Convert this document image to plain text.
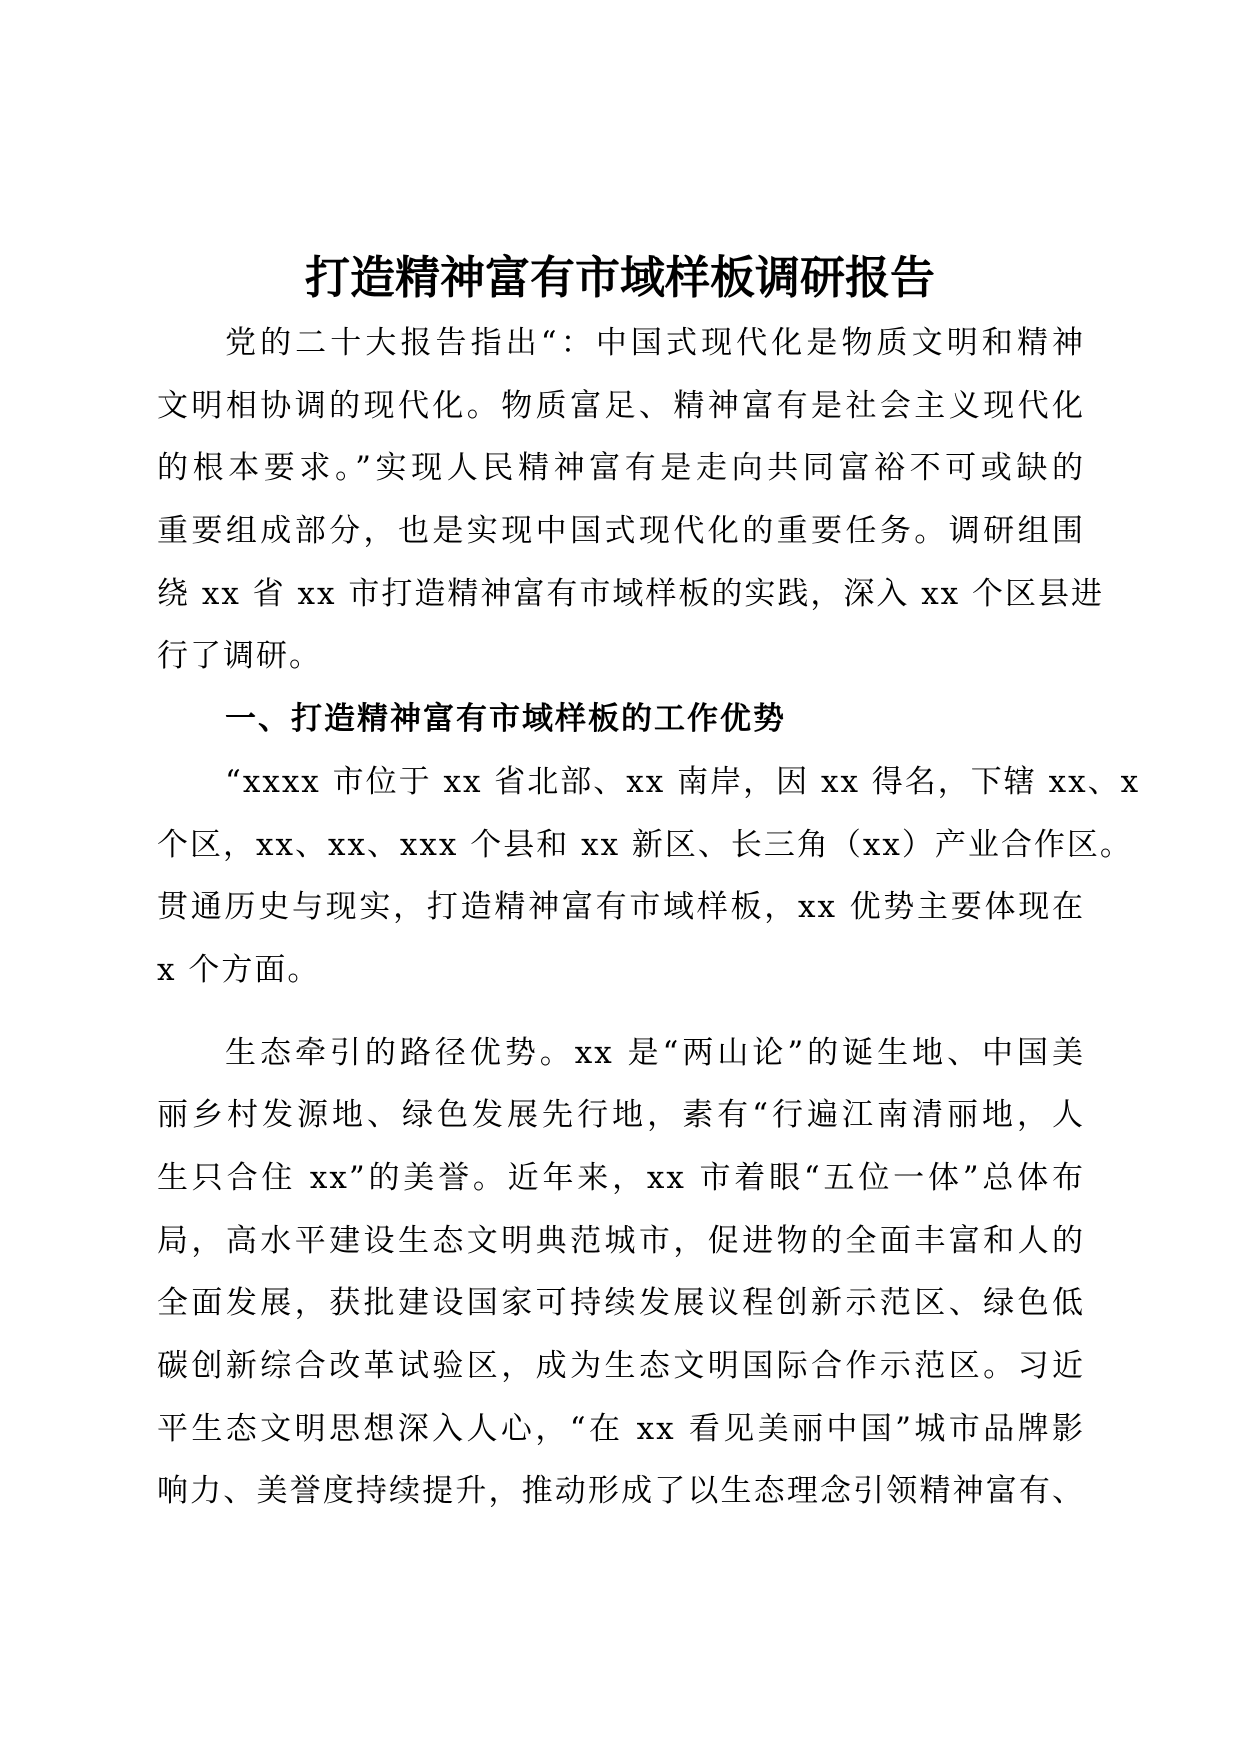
打造精神富有市域样板调研报告
党的二十大报告指出“：中国式现代化是物质文明和精神
文明相协调的现代化。物质富足、精神富有是社会主义现代化
的根本要求。”实现人民精神富有是走向共同富裕不可或缺的
重要组成部分，也是实现中国式现代化的重要任务。调研组围
绕 xx 省 xx 市打造精神富有市域样板的实践，深入 xx 个区县进
行了调研。
一、打造精神富有市域样板的工作优势
“xxxx 市位于 xx 省北部、xx 南岸，因 xx 得名，下辖 xx、x
个区，xx、xx、xxx 个县和 xx 新区、长三角（xx）产业合作区。
贯通历史与现实，打造精神富有市域样板，xx 优势主要体现在
x 个方面。
生态牵引的路径优势。xx 是“两山论”的诞生地、中国美
丽乡村发源地、绿色发展先行地，素有“行遍江南清丽地，人
生只合住 xx”的美誉。近年来，xx 市着眼“五位一体”总体布
局，高水平建设生态文明典范城市，促进物的全面丰富和人的
全面发展，获批建设国家可持续发展议程创新示范区、绿色低
碳创新综合改革试验区，成为生态文明国际合作示范区。习近
平生态文明思想深入人心，“在 xx 看见美丽中国”城市品牌影
响力、美誉度持续提升，推动形成了以生态理念引领精神富有、
